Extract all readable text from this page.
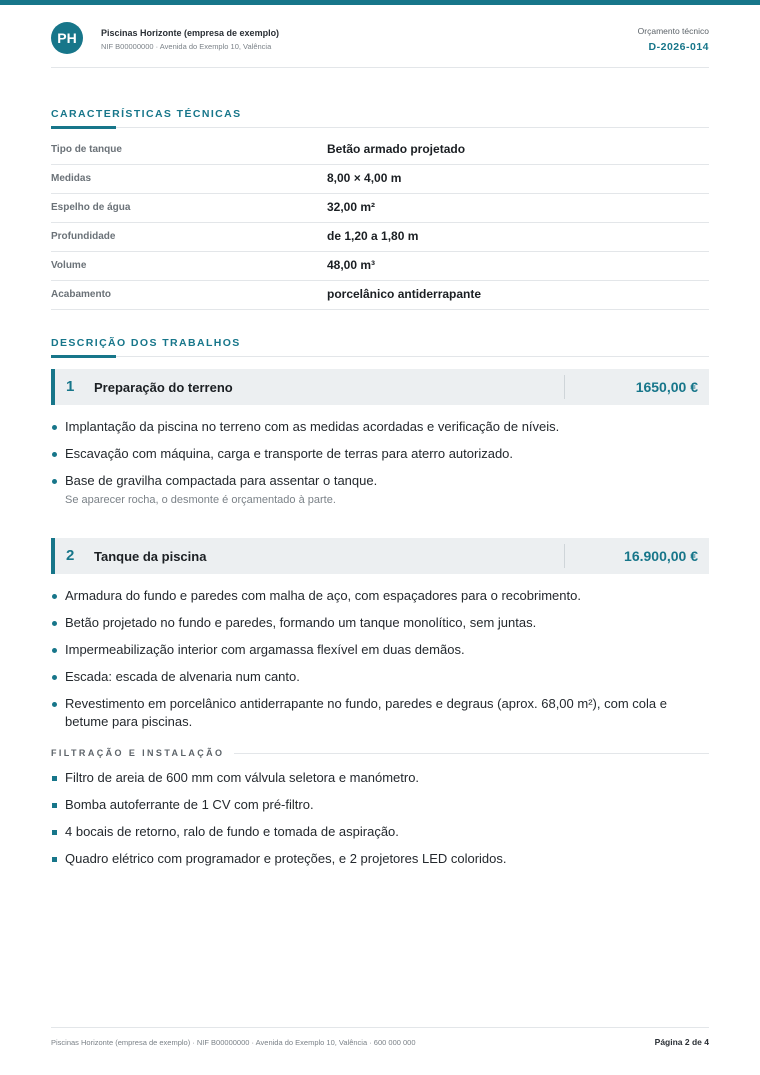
PH	Piscinas Horizonte (empresa de exemplo)
NIF B00000000 · Avenida do Exemplo 10, Valência
Orçamento técnico
D-2026-014
CARACTERÍSTICAS TÉCNICAS
Tipo de tanque	Betão armado projetado
Medidas	8,00 × 4,00 m
Espelho de água	32,00 m²
Profundidade	de 1,20 a 1,80 m
Volume	48,00 m³
Acabamento	porcelânico antiderrapante
DESCRIÇÃO DOS TRABALHOS
1 Preparação do terreno	1650,00 €
Implantação da piscina no terreno com as medidas acordadas e verificação de níveis.
Escavação com máquina, carga e transporte de terras para aterro autorizado.
Base de gravilha compactada para assentar o tanque.
Se aparecer rocha, o desmonte é orçamentado à parte.
2 Tanque da piscina	16.900,00 €
Armadura do fundo e paredes com malha de aço, com espaçadores para o recobrimento.
Betão projetado no fundo e paredes, formando um tanque monolítico, sem juntas.
Impermeabilização interior com argamassa flexível em duas demãos.
Escada: escada de alvenaria num canto.
Revestimento em porcelânico antiderrapante no fundo, paredes e degraus (aprox. 68,00 m²), com cola e betume para piscinas.
FILTRAÇÃO E INSTALAÇÃO
Filtro de areia de 600 mm com válvula seletora e manómetro.
Bomba autoferrante de 1 CV com pré-filtro.
4 bocais de retorno, ralo de fundo e tomada de aspiração.
Quadro elétrico com programador e proteções, e 2 projetores LED coloridos.
Piscinas Horizonte (empresa de exemplo) · NIF B00000000 · Avenida do Exemplo 10, Valência · 600 000 000	Página 2 de 4
